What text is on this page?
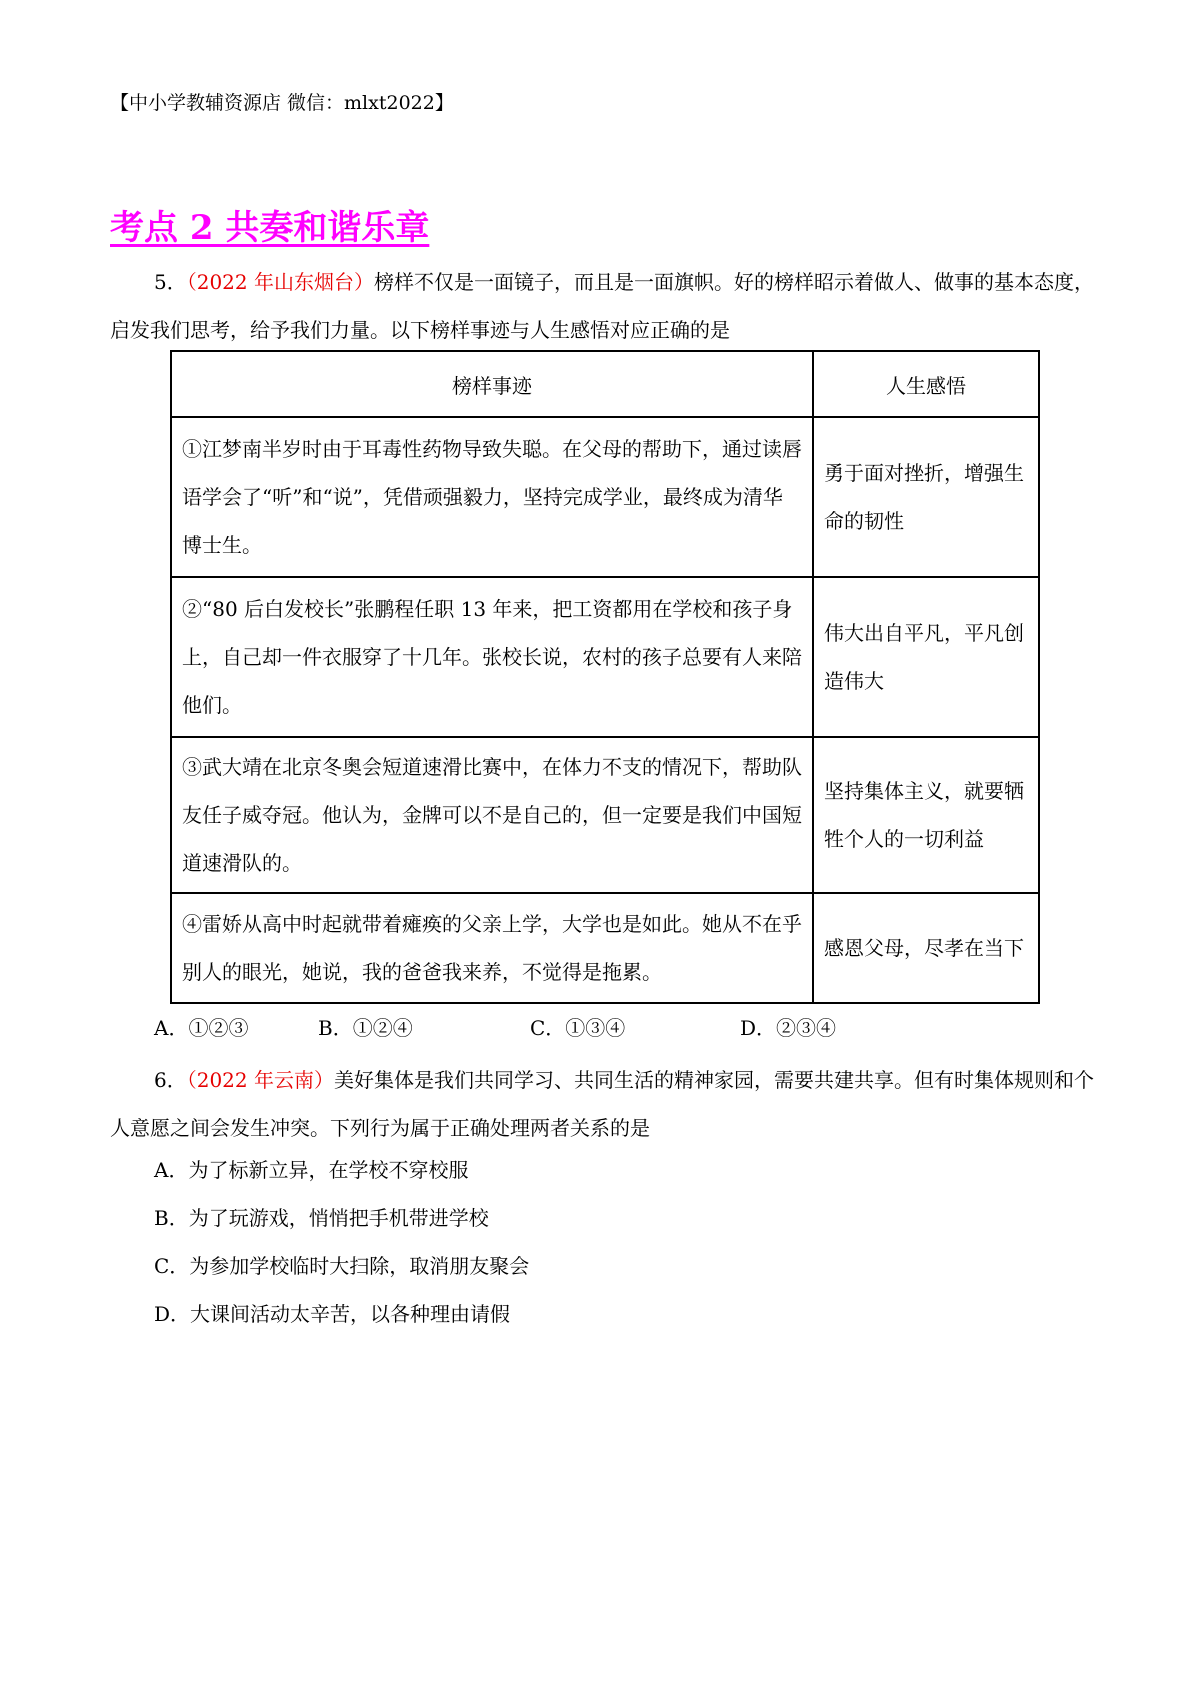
【中小学教辅资源店 微信：mlxt2022】
考点 2 共奏和谐乐章
5．（2022 年山东烟台）榜样不仅是一面镜子，而且是一面旗帜。好的榜样昭示着做人、做事的基本态度，启发我们思考，给予我们力量。以下榜样事迹与人生感悟对应正确的是
榜样事迹	人生感悟
①江梦南半岁时由于耳毒性药物导致失聪。在父母的帮助下，通过读唇语学会了“听”和“说”，凭借顽强毅力，坚持完成学业，最终成为清华博士生。	勇于面对挫折，增强生命的韧性
②“80 后白发校长”张鹏程任职 13 年来，把工资都用在学校和孩子身上，自己却一件衣服穿了十几年。张校长说，农村的孩子总要有人来陪他们。	伟大出自平凡，平凡创造伟大
③武大靖在北京冬奥会短道速滑比赛中，在体力不支的情况下，帮助队友任子威夺冠。他认为，金牌可以不是自己的，但一定要是我们中国短道速滑队的。	坚持集体主义，就要牺牲个人的一切利益
④雷娇从高中时起就带着瘫痪的父亲上学，大学也是如此。她从不在乎别人的眼光，她说，我的爸爸我来养，不觉得是拖累。	感恩父母，尽孝在当下
A．①②③	B．①②④	C．①③④	D．②③④
6．（2022 年云南）美好集体是我们共同学习、共同生活的精神家园，需要共建共享。但有时集体规则和个人意愿之间会发生冲突。下列行为属于正确处理两者关系的是
A．为了标新立异，在学校不穿校服
B．为了玩游戏，悄悄把手机带进学校
C．为参加学校临时大扫除，取消朋友聚会
D．大课间活动太辛苦，以各种理由请假
